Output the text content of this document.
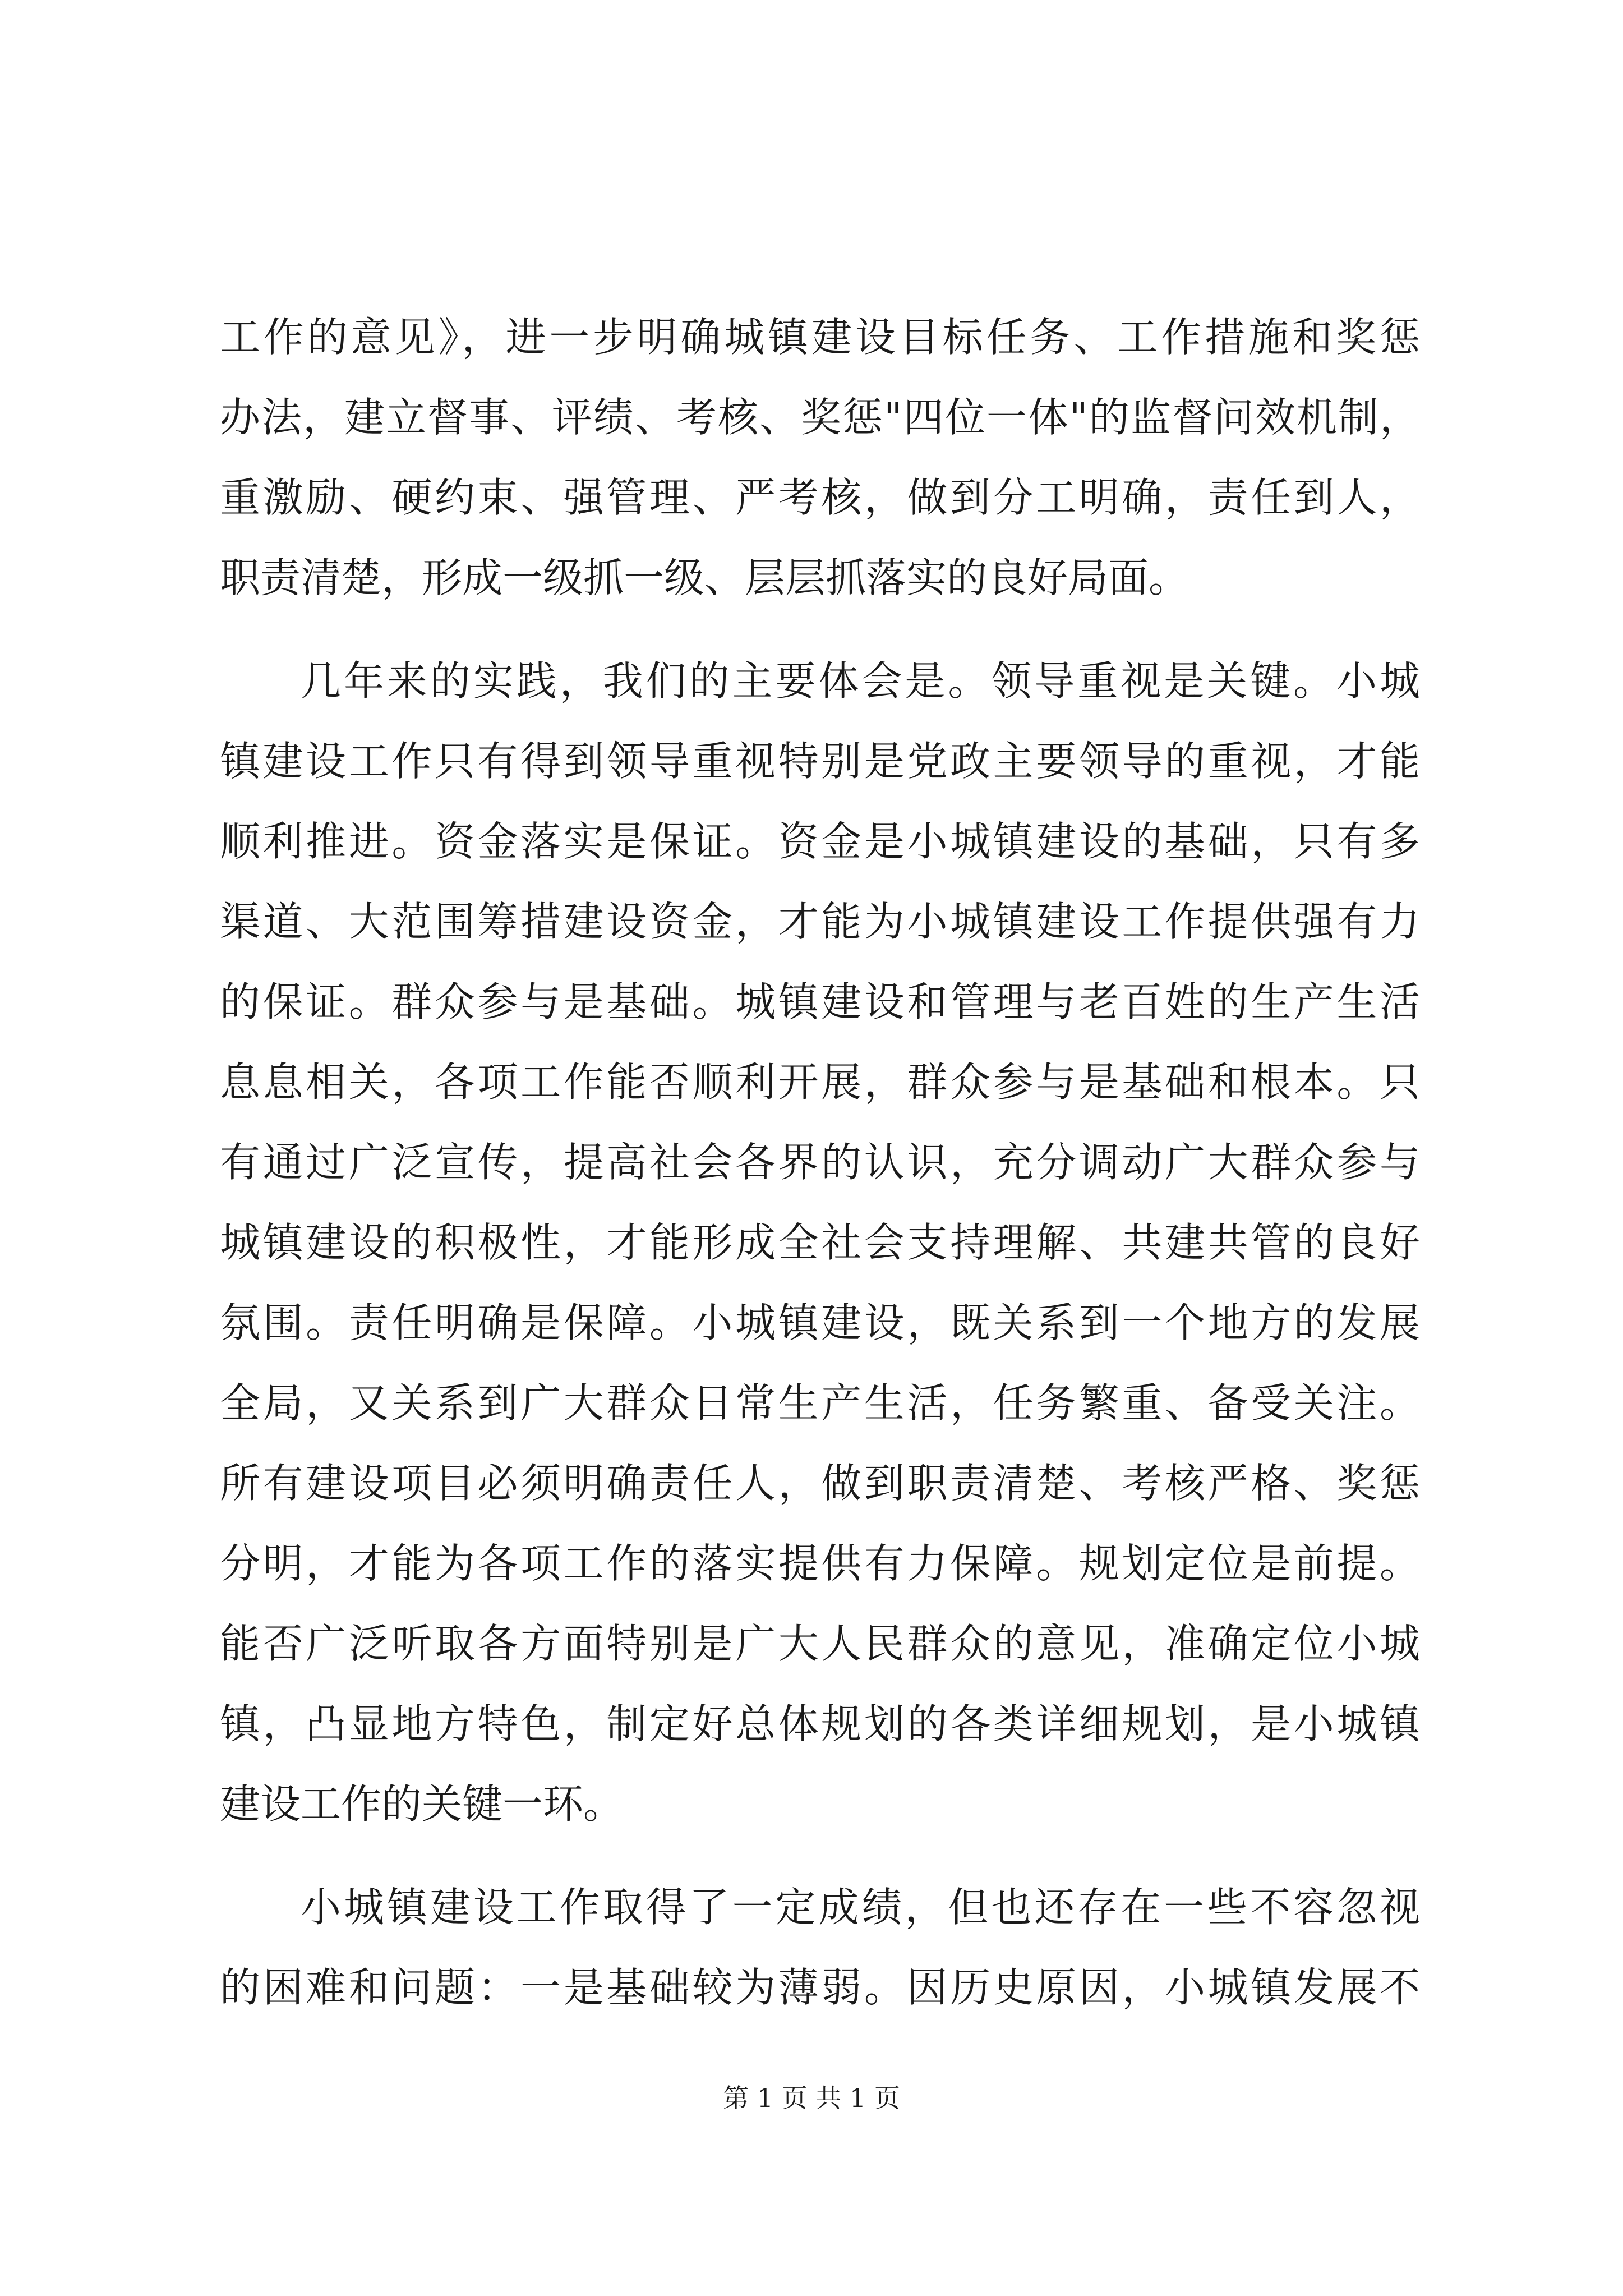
工作的意见》，进一步明确城镇建设目标任务、工作措施和奖惩
办法，建立督事、评绩、考核、奖惩"四位一体"的监督问效机制，
重激励、硬约束、强管理、严考核，做到分工明确，责任到人，
职责清楚，形成一级抓一级、层层抓落实的良好局面。
几年来的实践，我们的主要体会是。领导重视是关键。小城
镇建设工作只有得到领导重视特别是党政主要领导的重视，才能
顺利推进。资金落实是保证。资金是小城镇建设的基础，只有多
渠道、大范围筹措建设资金，才能为小城镇建设工作提供强有力
的保证。群众参与是基础。城镇建设和管理与老百姓的生产生活
息息相关，各项工作能否顺利开展，群众参与是基础和根本。只
有通过广泛宣传，提高社会各界的认识，充分调动广大群众参与
城镇建设的积极性，才能形成全社会支持理解、共建共管的良好
氛围。责任明确是保障。小城镇建设，既关系到一个地方的发展
全局，又关系到广大群众日常生产生活，任务繁重、备受关注。
所有建设项目必须明确责任人，做到职责清楚、考核严格、奖惩
分明，才能为各项工作的落实提供有力保障。规划定位是前提。
能否广泛听取各方面特别是广大人民群众的意见，准确定位小城
镇，凸显地方特色，制定好总体规划的各类详细规划，是小城镇
建设工作的关键一环。
小城镇建设工作取得了一定成绩，但也还存在一些不容忽视
的困难和问题：一是基础较为薄弱。因历史原因，小城镇发展不
第 1 页 共 1 页
